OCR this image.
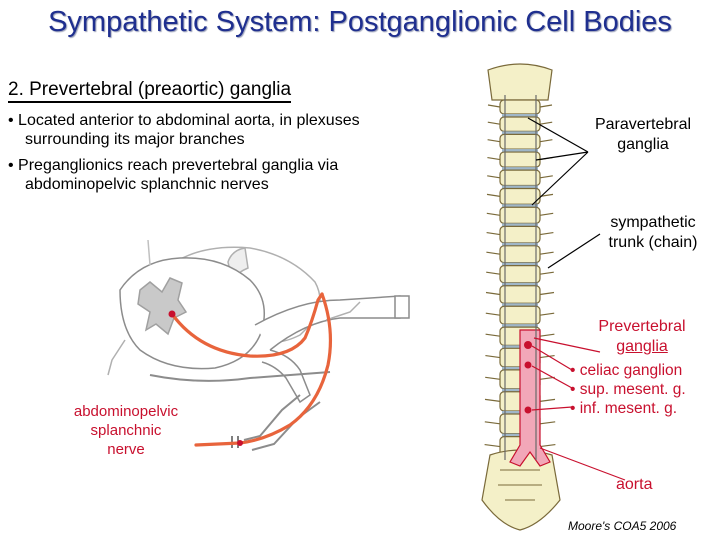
Sympathetic System: Postganglionic Cell Bodies
2. Prevertebral (preaortic) ganglia
• Located anterior to abdominal aorta, in plexuses
surrounding its major branches
• Preganglionics reach prevertebral ganglia via
abdominopelvic splanchnic nerves
Paravertebral
ganglia
sympathetic
trunk (chain)
Prevertebral
ganglia
• celiac ganglion
• sup. mesent. g.
• inf. mesent. g.
aorta
abdominopelvic
splanchnic
nerve
Moore's COA5 2006
